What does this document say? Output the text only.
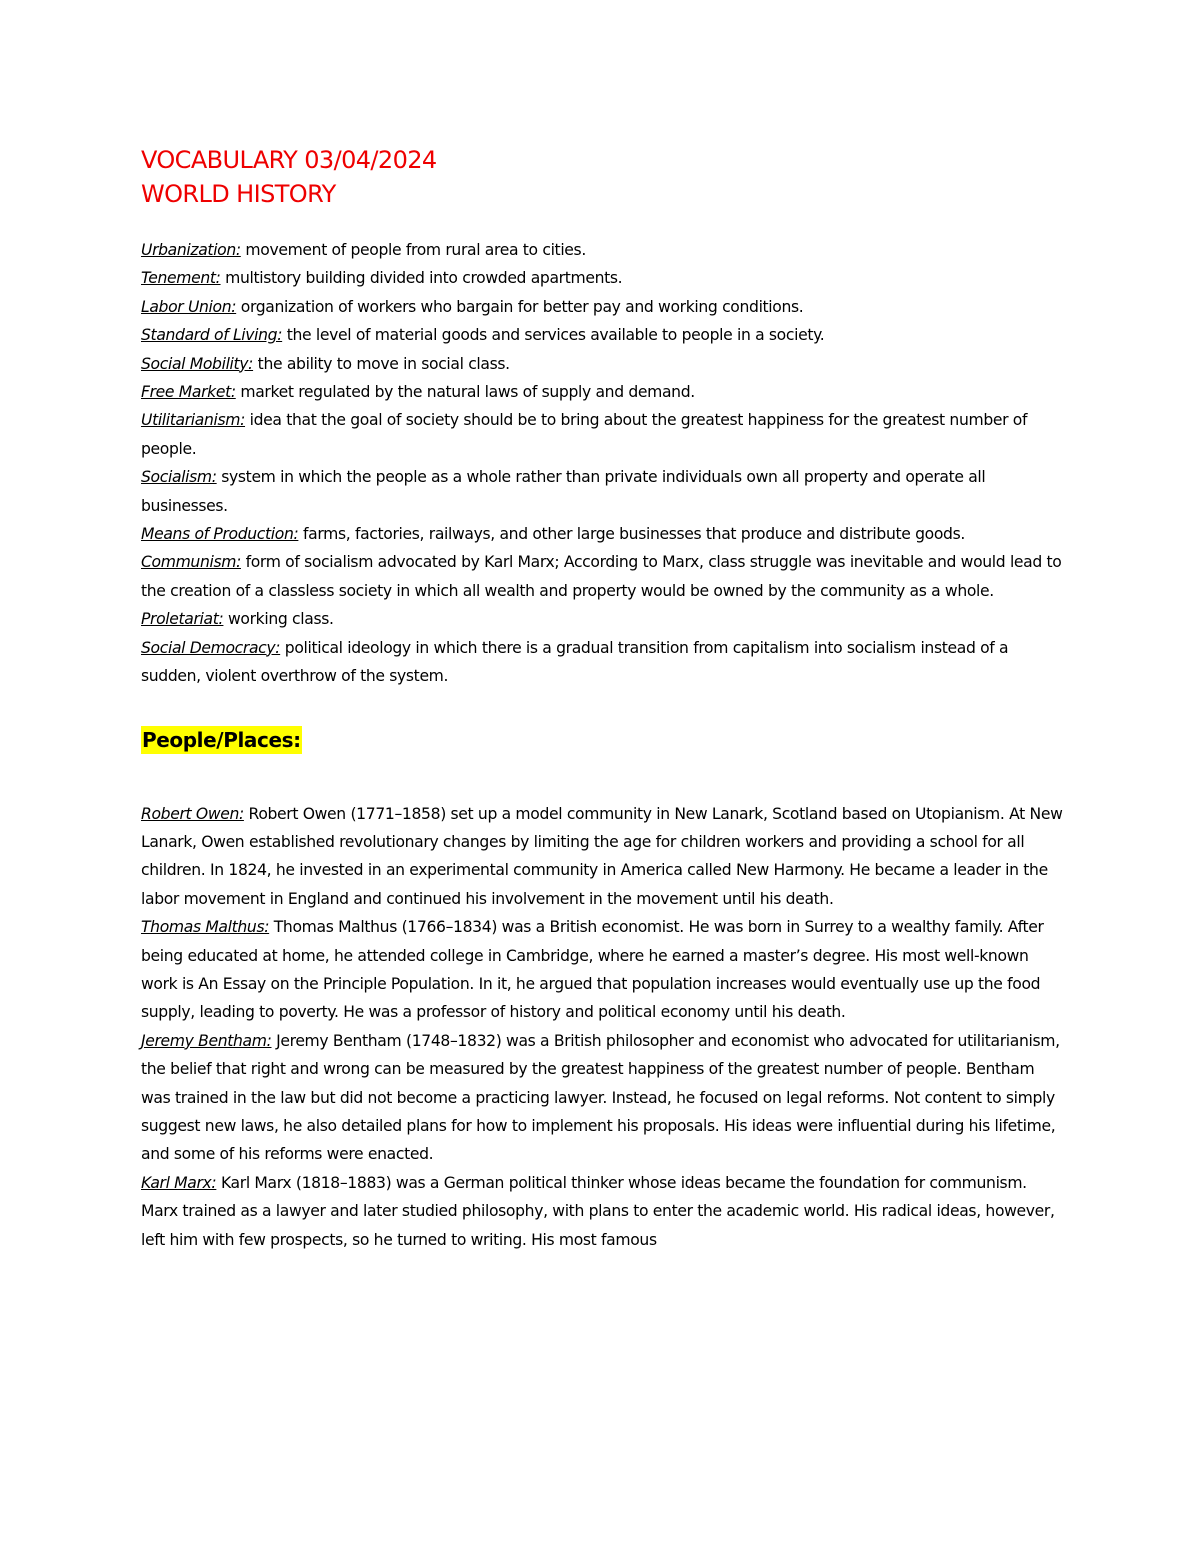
VOCABULARY 03/04/2024
WORLD HISTORY

Urbanization: movement of people from rural area to cities.

Tenement: multistory building divided into crowded apartments.

Labor Union: organization of workers who bargain for better pay and working conditions.

Standard of Living: the level of material goods and services available to people in a society.

Social Mobility: the ability to move in social class.

Free Market: market regulated by the natural laws of supply and demand.

Utilitarianism: idea that the goal of society should be to bring about the greatest happiness for the greatest number of people.

Socialism: system in which the people as a whole rather than private individuals own all property and operate all businesses.

Means of Production: farms, factories, railways, and other large businesses that produce and distribute goods.

Communism: form of socialism advocated by Karl Marx; According to Marx, class struggle was inevitable and would lead to the creation of a classless society in which all wealth and property would be owned by the community as a whole.

Proletariat: working class.

Social Democracy: political ideology in which there is a gradual transition from capitalism into socialism instead of a sudden, violent overthrow of the system.

People/Places:

Robert Owen: Robert Owen (1771–1858) set up a model community in New Lanark, Scotland based on Utopianism. At New Lanark, Owen established revolutionary changes by limiting the age for children workers and providing a school for all children. In 1824, he invested in an experimental community in America called New Harmony. He became a leader in the labor movement in England and continued his involvement in the movement until his death.

Thomas Malthus: Thomas Malthus (1766–1834) was a British economist. He was born in Surrey to a wealthy family. After being educated at home, he attended college in Cambridge, where he earned a master’s degree. His most well-known work is An Essay on the Principle Population. In it, he argued that population increases would eventually use up the food supply, leading to poverty. He was a professor of history and political economy until his death.

Jeremy Bentham: Jeremy Bentham (1748–1832) was a British philosopher and economist who advocated for utilitarianism, the belief that right and wrong can be measured by the greatest happiness of the greatest number of people. Bentham was trained in the law but did not become a practicing lawyer. Instead, he focused on legal reforms. Not content to simply suggest new laws, he also detailed plans for how to implement his proposals. His ideas were influential during his lifetime, and some of his reforms were enacted.

Karl Marx: Karl Marx (1818–1883) was a German political thinker whose ideas became the foundation for communism. Marx trained as a lawyer and later studied philosophy, with plans to enter the academic world. His radical ideas, however, left him with few prospects, so he turned to writing. His most famous
